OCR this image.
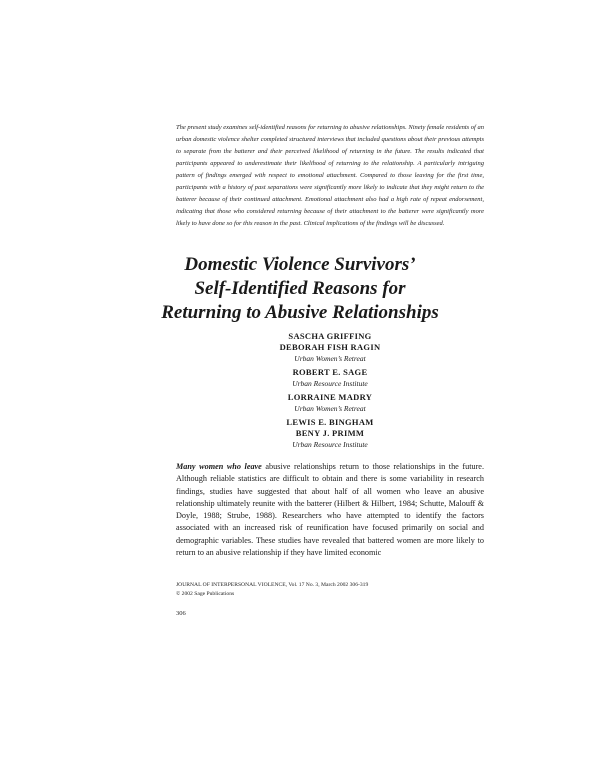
The present study examines self-identified reasons for returning to abusive relationships. Ninety female residents of an urban domestic violence shelter completed structured interviews that included questions about their previous attempts to separate from the batterer and their perceived likelihood of returning in the future. The results indicated that participants appeared to underestimate their likelihood of returning to the relationship. A particularly intriguing pattern of findings emerged with respect to emotional attachment. Compared to those leaving for the first time, participants with a history of past separations were significantly more likely to indicate that they might return to the batterer because of their continued attachment. Emotional attachment also had a high rate of repeat endorsement, indicating that those who considered returning because of their attachment to the batterer were significantly more likely to have done so for this reason in the past. Clinical implications of the findings will be discussed.

Domestic Violence Survivors’
Self-Identified Reasons for
Returning to Abusive Relationships
SASCHA GRIFFING
DEBORAH FISH RAGIN
Urban Women’s Retreat
ROBERT E. SAGE
Urban Resource Institute
LORRAINE MADRY
Urban Women’s Retreat
LEWIS E. BINGHAM
BENY J. PRIMM
Urban Resource Institute

Many women who leave abusive relationships return to those relationships in the future. Although reliable statistics are difficult to obtain and there is some variability in research findings, studies have suggested that about half of all women who leave an abusive relationship ultimately reunite with the batterer (Hilbert & Hilbert, 1984; Schutte, Malouff & Doyle, 1988; Strube, 1988). Researchers who have attempted to identify the factors associated with an increased risk of reunification have focused primarily on social and demographic variables. These studies have revealed that battered women are more likely to return to an abusive relationship if they have limited economic

JOURNAL OF INTERPERSONAL VIOLENCE, Vol. 17 No. 3, March 2002 306-319
© 2002 Sage Publications
306
